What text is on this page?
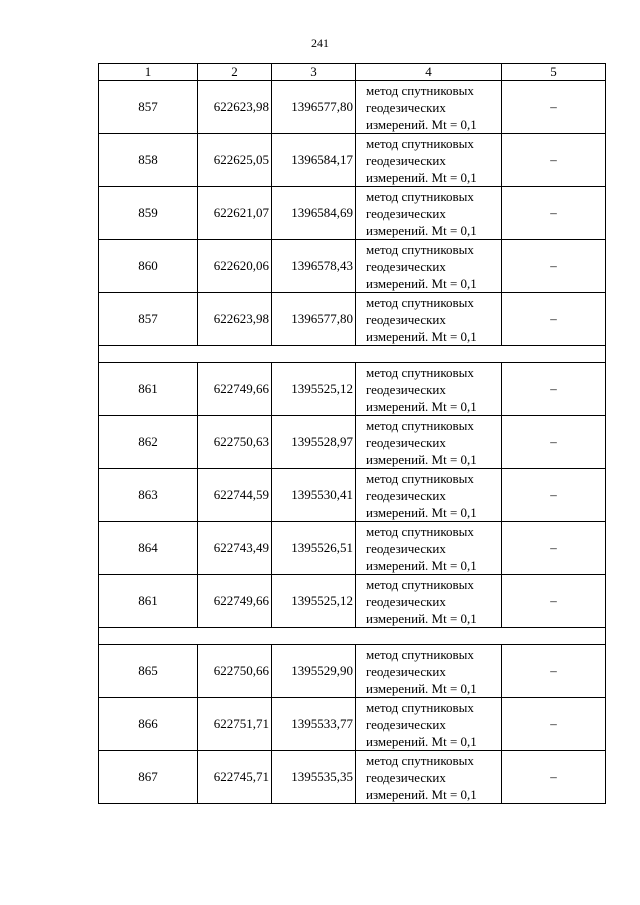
241
1	2	3	4	5
857	622623,98	1396577,80	метод спутниковых
геодезических
измерений. Mt = 0,1	–
858	622625,05	1396584,17	метод спутниковых
геодезических
измерений. Mt = 0,1	–
859	622621,07	1396584,69	метод спутниковых
геодезических
измерений. Mt = 0,1	–
860	622620,06	1396578,43	метод спутниковых
геодезических
измерений. Mt = 0,1	–
857	622623,98	1396577,80	метод спутниковых
геодезических
измерений. Mt = 0,1	–

861	622749,66	1395525,12	метод спутниковых
геодезических
измерений. Mt = 0,1	–
862	622750,63	1395528,97	метод спутниковых
геодезических
измерений. Mt = 0,1	–
863	622744,59	1395530,41	метод спутниковых
геодезических
измерений. Mt = 0,1	–
864	622743,49	1395526,51	метод спутниковых
геодезических
измерений. Mt = 0,1	–
861	622749,66	1395525,12	метод спутниковых
геодезических
измерений. Mt = 0,1	–

865	622750,66	1395529,90	метод спутниковых
геодезических
измерений. Mt = 0,1	–
866	622751,71	1395533,77	метод спутниковых
геодезических
измерений. Mt = 0,1	–
867	622745,71	1395535,35	метод спутниковых
геодезических
измерений. Mt = 0,1	–
